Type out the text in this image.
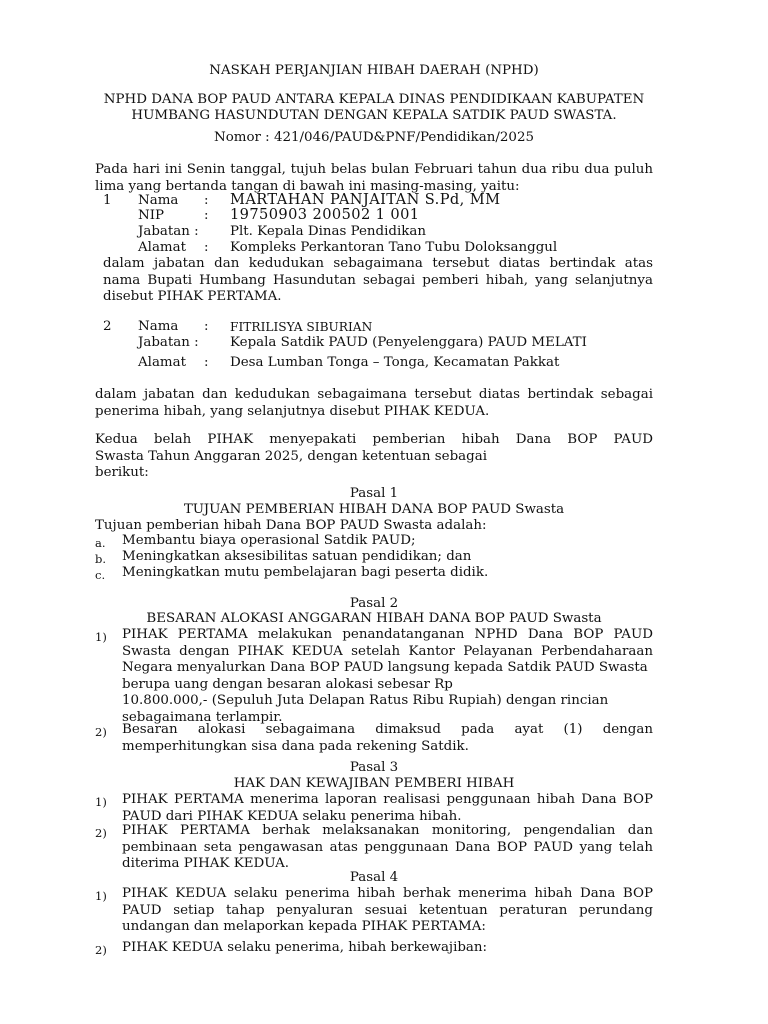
NASKAH PERJANJIAN HIBAH DAERAH (NPHD)
NPHD DANA BOP PAUD ANTARA KEPALA DINAS PENDIDIKAAN KABUPATEN
HUMBANG HASUNDUTAN DENGAN KEPALA SATDIK PAUD SWASTA.
Nomor : 421/046/PAUD&PNF/Pendidikan/2025
Pada hari ini Senin tanggal, tujuh belas bulan Februari tahun dua ribu dua puluh
lima yang bertanda tangan di bawah ini masing-masing, yaitu:
1 Nama : MARTAHAN PANJAITAN S.Pd, MM
NIP	: 19750903 200502 1 001
Jabatan : Plt. Kepala Dinas Pendidikan
Alamat : Kompleks Perkantoran Tano Tubu Doloksanggul
dalam jabatan dan kedudukan sebagaimana tersebut diatas bertindak atas
nama Bupati Humbang Hasundutan sebagai pemberi hibah, yang selanjutnya
disebut PIHAK PERTAMA.
2 Nama : FITRILISYA SIBURIAN
Jabatan : Kepala Satdik PAUD (Penyelenggara) PAUD MELATI
Alamat : Desa Lumban Tonga – Tonga, Kecamatan Pakkat
dalam jabatan dan kedudukan sebagaimana tersebut diatas bertindak sebagai
penerima hibah, yang selanjutnya disebut PIHAK KEDUA.
Kedua belah PIHAK menyepakati pemberian hibah Dana BOP PAUD
Swasta Tahun Anggaran 2025, dengan ketentuan sebagai
berikut:
Pasal 1
TUJUAN PEMBERIAN HIBAH DANA BOP PAUD Swasta
Tujuan pemberian hibah Dana BOP PAUD Swasta adalah:
a. Membantu biaya operasional Satdik PAUD;
b. Meningkatkan aksesibilitas satuan pendidikan; dan
c. Meningkatkan mutu pembelajaran bagi peserta didik.
Pasal 2
BESARAN ALOKASI ANGGARAN HIBAH DANA BOP PAUD Swasta
1) PIHAK PERTAMA melakukan penandatanganan NPHD Dana BOP PAUD
Swasta dengan PIHAK KEDUA setelah Kantor Pelayanan Perbendaharaan
Negara menyalurkan Dana BOP PAUD langsung kepada Satdik PAUD Swasta
berupa uang dengan besaran alokasi sebesar Rp
10.800.000,- (Sepuluh Juta Delapan Ratus Ribu Rupiah) dengan rincian
sebagaimana terlampir.
2) Besaran alokasi sebagaimana dimaksud pada ayat (1) dengan
memperhitungkan sisa dana pada rekening Satdik.
Pasal 3
HAK DAN KEWAJIBAN PEMBERI HIBAH
1) PIHAK PERTAMA menerima laporan realisasi penggunaan hibah Dana BOP
PAUD dari PIHAK KEDUA selaku penerima hibah.
2) PIHAK PERTAMA berhak melaksanakan monitoring, pengendalian dan
pembinaan seta pengawasan atas penggunaan Dana BOP PAUD yang telah
diterima PIHAK KEDUA.
Pasal 4
1) PIHAK KEDUA selaku penerima hibah berhak menerima hibah Dana BOP
PAUD setiap tahap penyaluran sesuai ketentuan peraturan perundang
undangan dan melaporkan kepada PIHAK PERTAMA:
2) PIHAK KEDUA selaku penerima, hibah berkewajiban:
